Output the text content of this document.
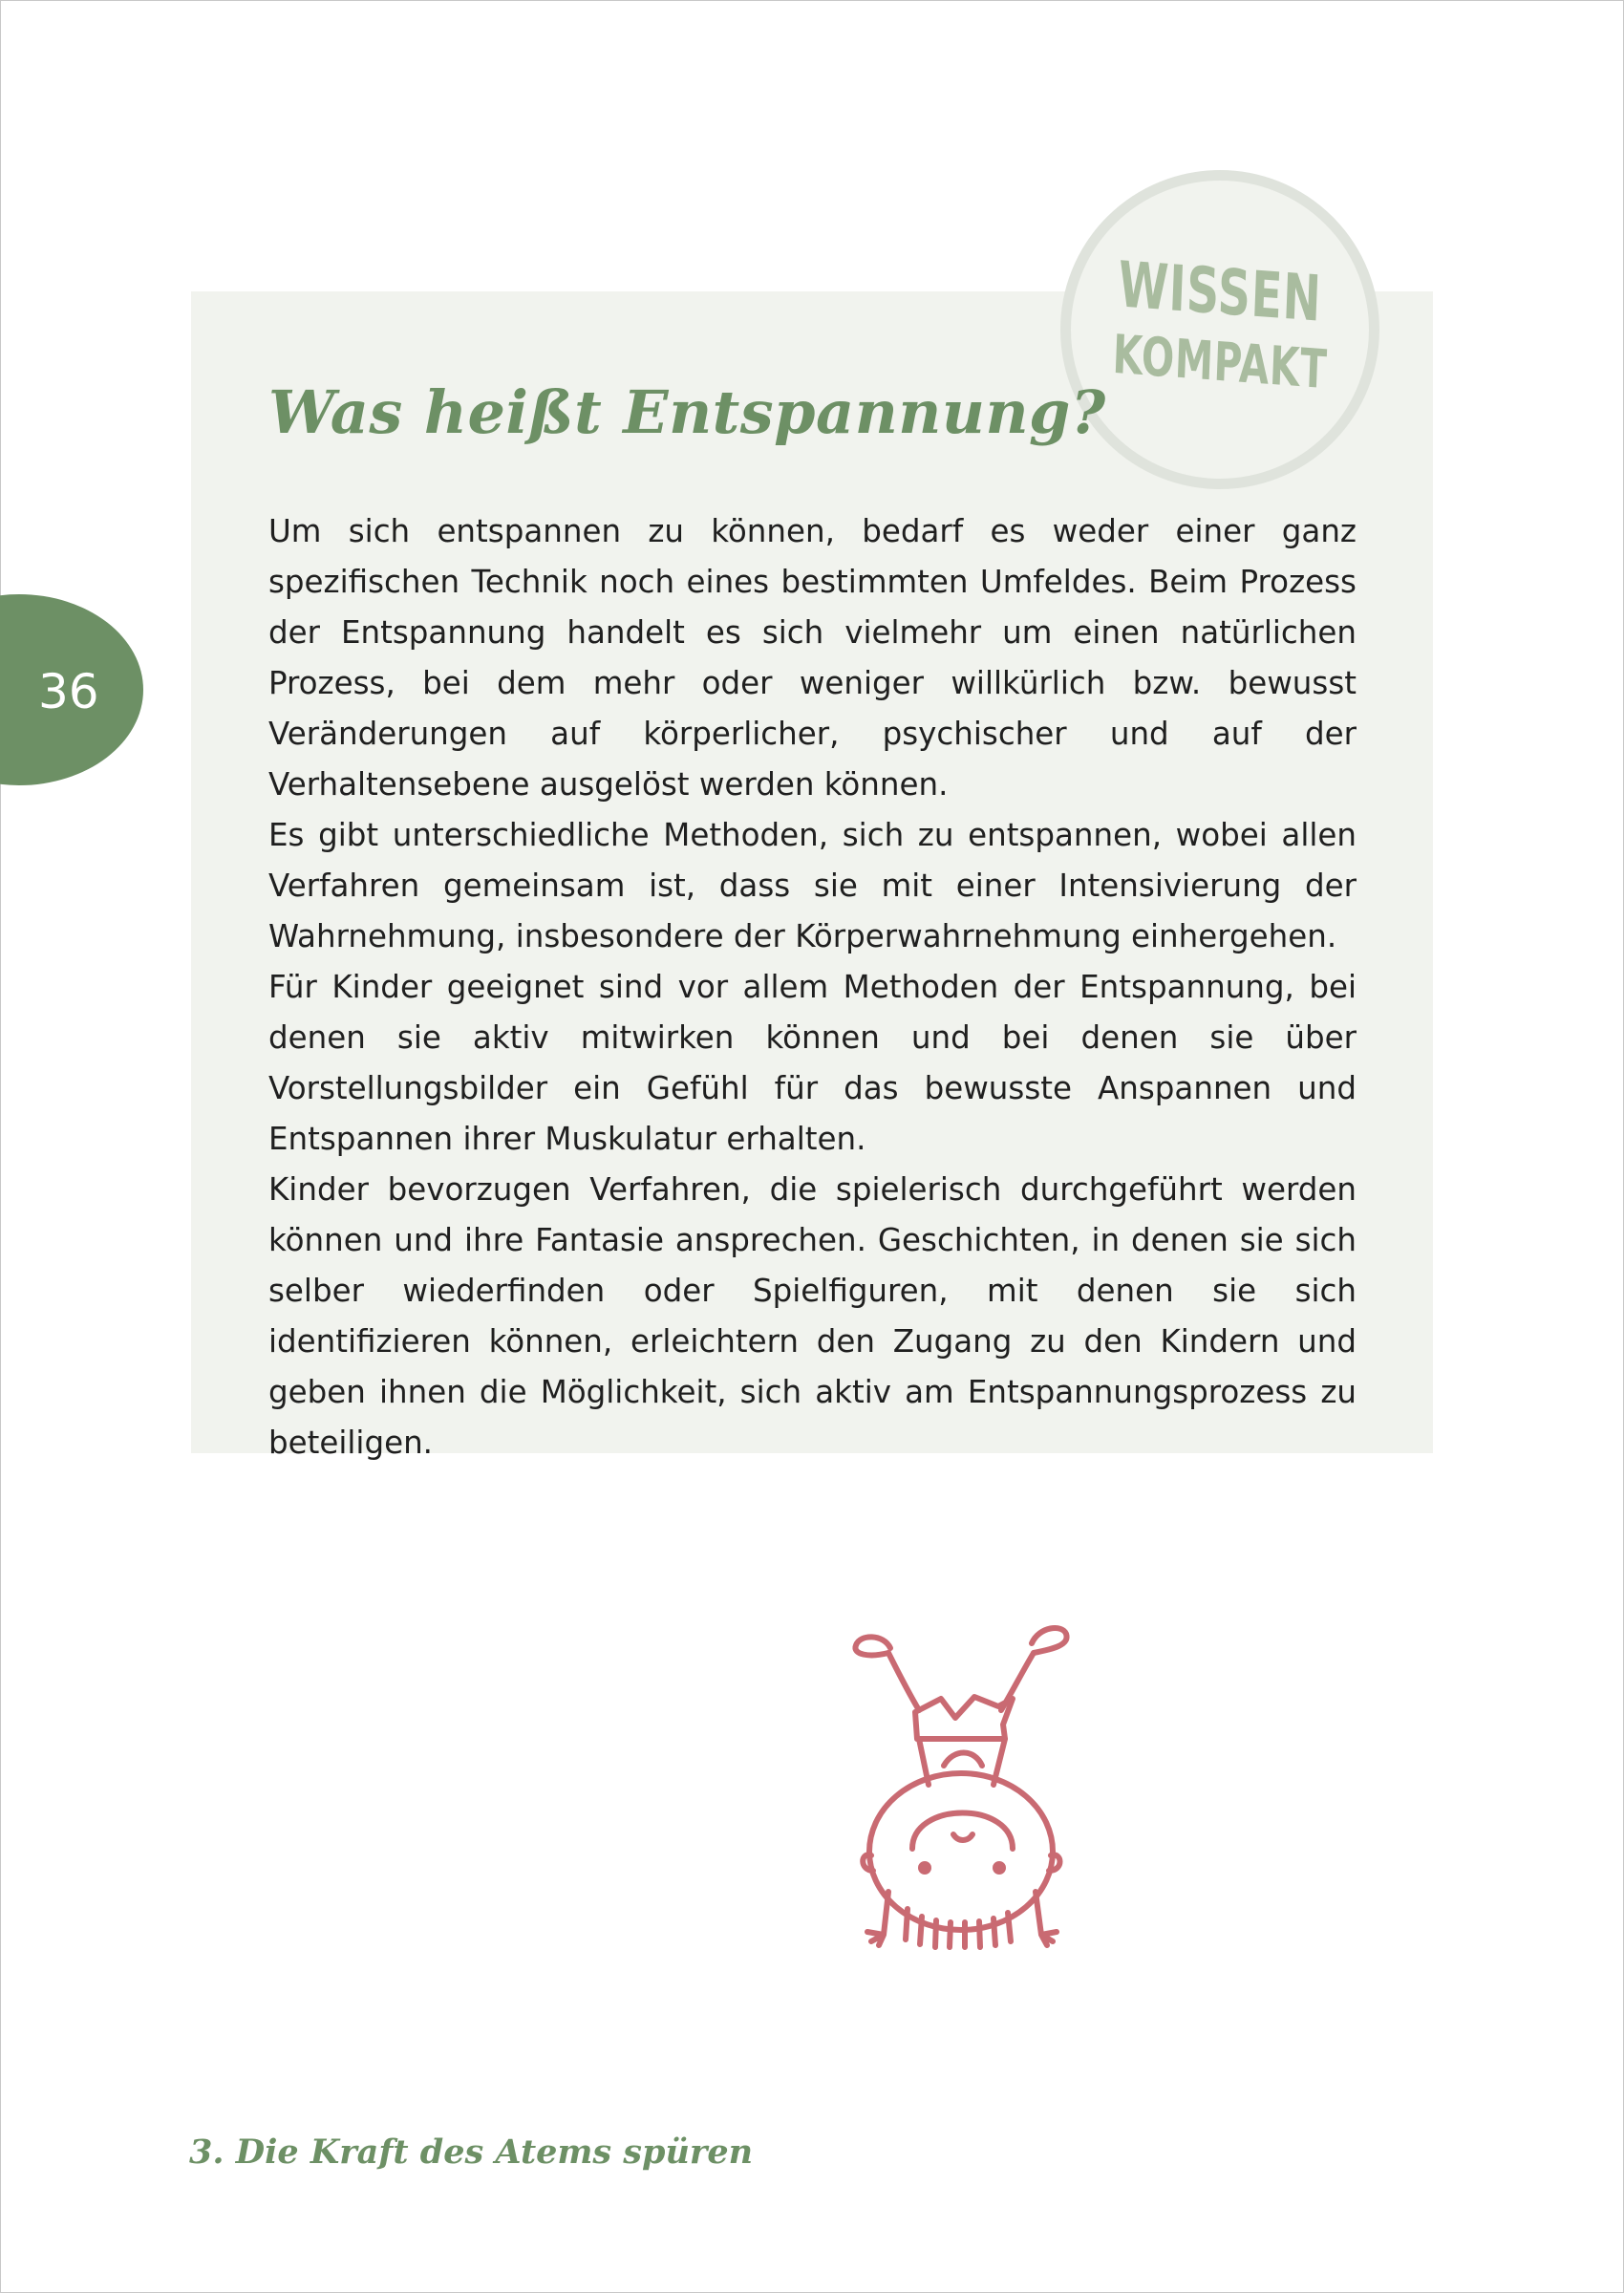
WISSEN
KOMPAKT
Was heißt Entspannung?

Um sich entspannen zu können, bedarf es weder einer ganz spezifischen Technik noch eines bestimmten Umfeldes. Beim Prozess der Entspannung handelt es sich vielmehr um einen natürlichen Prozess, bei dem mehr oder weniger willkürlich bzw. bewusst Veränderungen auf körperlicher, psychischer und auf der Verhaltensebene ausgelöst werden können.

Es gibt unterschiedliche Methoden, sich zu entspannen, wobei allen Verfahren gemeinsam ist, dass sie mit einer Intensivierung der Wahrnehmung, insbesondere der Körperwahrnehmung einhergehen.

Für Kinder geeignet sind vor allem Methoden der Entspannung, bei denen sie aktiv mitwirken können und bei denen sie über Vorstellungsbilder ein Gefühl für das bewusste Anspannen und Entspannen ihrer Muskulatur erhalten.

Kinder bevorzugen Verfahren, die spielerisch durchgeführt werden können und ihre Fantasie ansprechen. Geschichten, in denen sie sich selber wiederfinden oder Spielfiguren, mit denen sie sich identifizieren können, erleichtern den Zugang zu den Kindern und geben ihnen die Möglichkeit, sich aktiv am Entspannungsprozess zu beteiligen.

36
3. Die Kraft des Atems spüren
